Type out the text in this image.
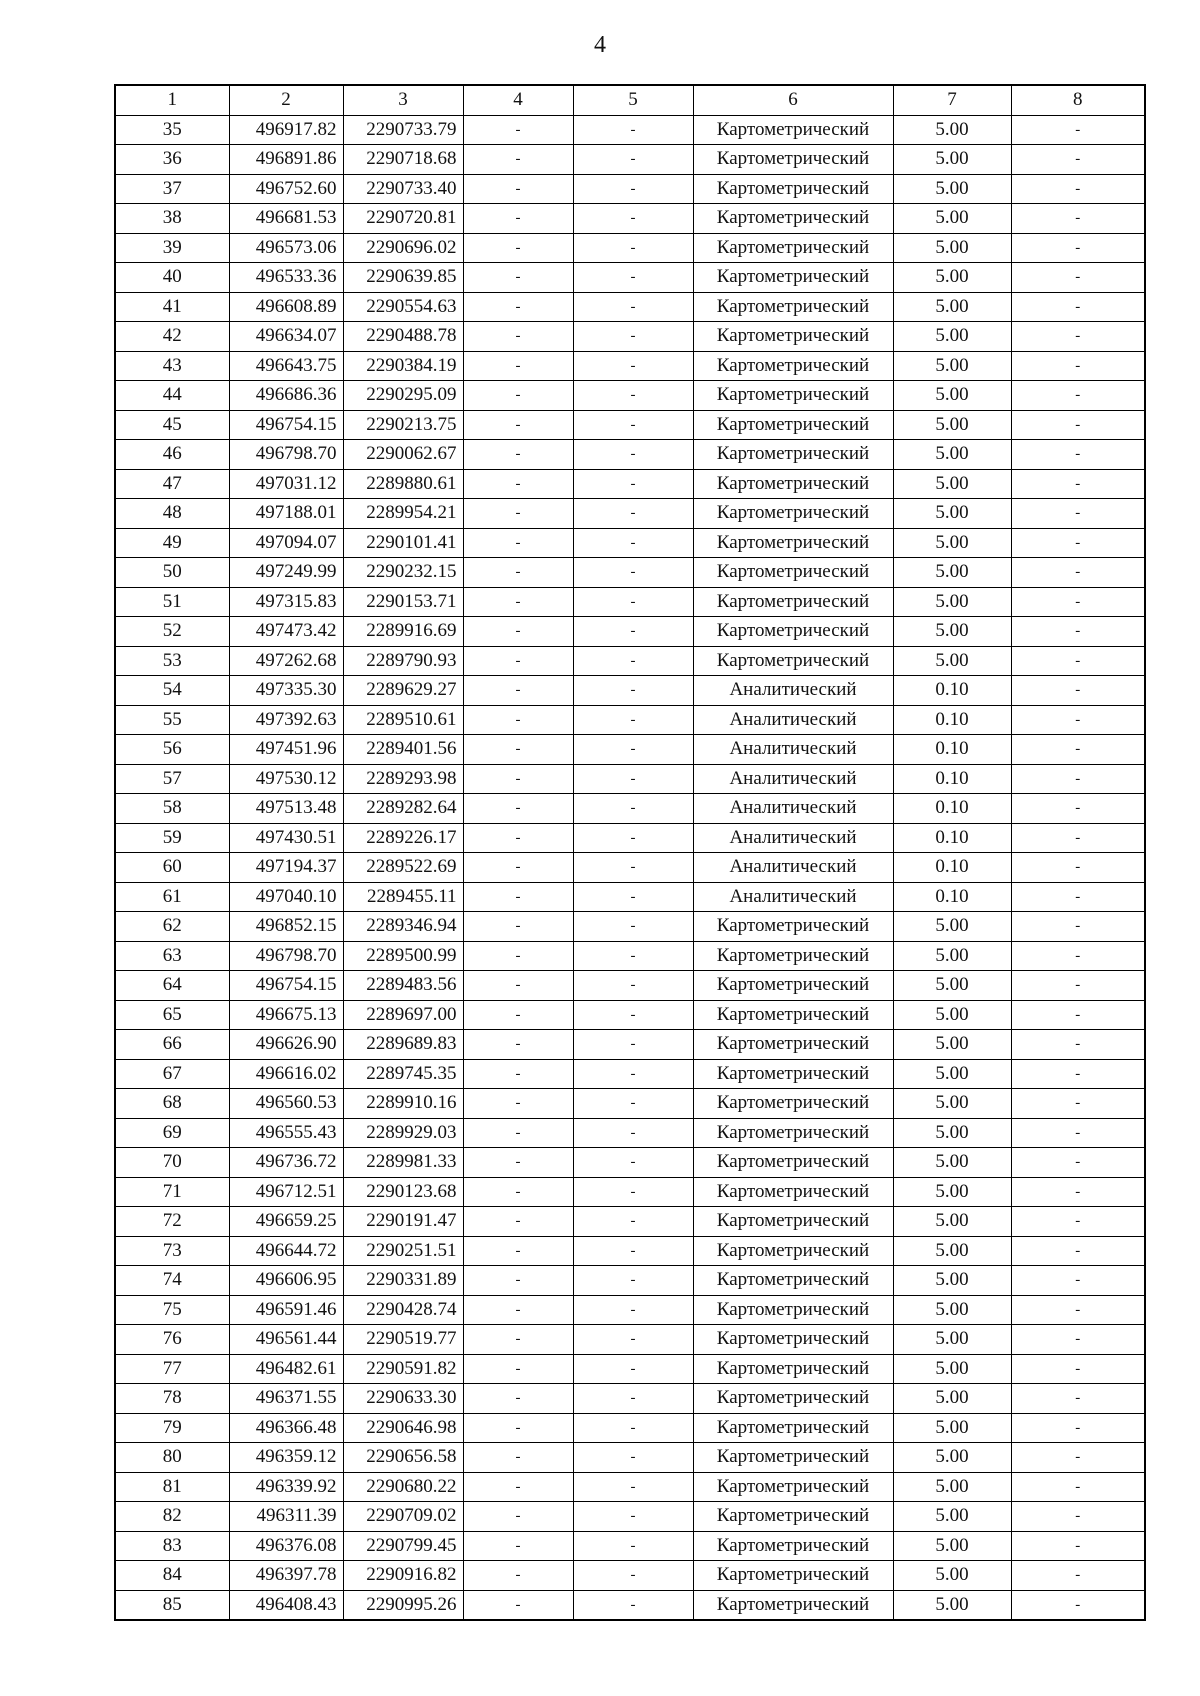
4
1	2	3	4	5	6	7	8
35	496917.82	2290733.79	-	-	Картометрический	5.00	-
36	496891.86	2290718.68	-	-	Картометрический	5.00	-
37	496752.60	2290733.40	-	-	Картометрический	5.00	-
38	496681.53	2290720.81	-	-	Картометрический	5.00	-
39	496573.06	2290696.02	-	-	Картометрический	5.00	-
40	496533.36	2290639.85	-	-	Картометрический	5.00	-
41	496608.89	2290554.63	-	-	Картометрический	5.00	-
42	496634.07	2290488.78	-	-	Картометрический	5.00	-
43	496643.75	2290384.19	-	-	Картометрический	5.00	-
44	496686.36	2290295.09	-	-	Картометрический	5.00	-
45	496754.15	2290213.75	-	-	Картометрический	5.00	-
46	496798.70	2290062.67	-	-	Картометрический	5.00	-
47	497031.12	2289880.61	-	-	Картометрический	5.00	-
48	497188.01	2289954.21	-	-	Картометрический	5.00	-
49	497094.07	2290101.41	-	-	Картометрический	5.00	-
50	497249.99	2290232.15	-	-	Картометрический	5.00	-
51	497315.83	2290153.71	-	-	Картометрический	5.00	-
52	497473.42	2289916.69	-	-	Картометрический	5.00	-
53	497262.68	2289790.93	-	-	Картометрический	5.00	-
54	497335.30	2289629.27	-	-	Аналитический	0.10	-
55	497392.63	2289510.61	-	-	Аналитический	0.10	-
56	497451.96	2289401.56	-	-	Аналитический	0.10	-
57	497530.12	2289293.98	-	-	Аналитический	0.10	-
58	497513.48	2289282.64	-	-	Аналитический	0.10	-
59	497430.51	2289226.17	-	-	Аналитический	0.10	-
60	497194.37	2289522.69	-	-	Аналитический	0.10	-
61	497040.10	2289455.11	-	-	Аналитический	0.10	-
62	496852.15	2289346.94	-	-	Картометрический	5.00	-
63	496798.70	2289500.99	-	-	Картометрический	5.00	-
64	496754.15	2289483.56	-	-	Картометрический	5.00	-
65	496675.13	2289697.00	-	-	Картометрический	5.00	-
66	496626.90	2289689.83	-	-	Картометрический	5.00	-
67	496616.02	2289745.35	-	-	Картометрический	5.00	-
68	496560.53	2289910.16	-	-	Картометрический	5.00	-
69	496555.43	2289929.03	-	-	Картометрический	5.00	-
70	496736.72	2289981.33	-	-	Картометрический	5.00	-
71	496712.51	2290123.68	-	-	Картометрический	5.00	-
72	496659.25	2290191.47	-	-	Картометрический	5.00	-
73	496644.72	2290251.51	-	-	Картометрический	5.00	-
74	496606.95	2290331.89	-	-	Картометрический	5.00	-
75	496591.46	2290428.74	-	-	Картометрический	5.00	-
76	496561.44	2290519.77	-	-	Картометрический	5.00	-
77	496482.61	2290591.82	-	-	Картометрический	5.00	-
78	496371.55	2290633.30	-	-	Картометрический	5.00	-
79	496366.48	2290646.98	-	-	Картометрический	5.00	-
80	496359.12	2290656.58	-	-	Картометрический	5.00	-
81	496339.92	2290680.22	-	-	Картометрический	5.00	-
82	496311.39	2290709.02	-	-	Картометрический	5.00	-
83	496376.08	2290799.45	-	-	Картометрический	5.00	-
84	496397.78	2290916.82	-	-	Картометрический	5.00	-
85	496408.43	2290995.26	-	-	Картометрический	5.00	-
